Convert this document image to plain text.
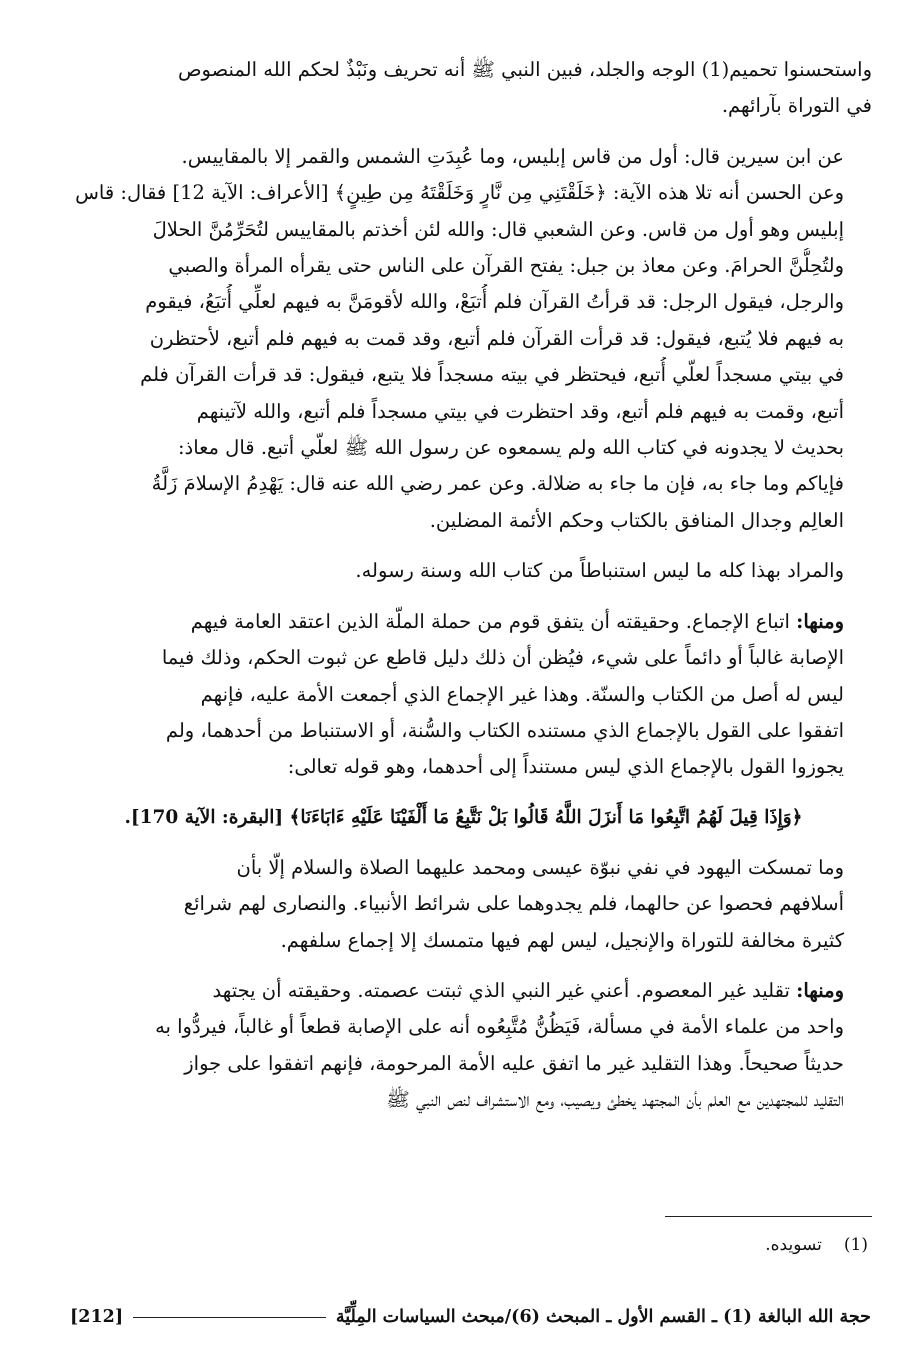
واستحسنوا تحميم(1) الوجه والجلد، فبين النبي ﷺ أنه تحريف ونَبْذٌ لحكم الله المنصوص
في التوراة بآرائهم.

عن ابن سيرين قال: أول من قاس إبليس، وما عُبِدَتِ الشمس والقمر إلا بالمقاييس.
وعن الحسن أنه تلا هذه الآية: ﴿خَلَقْتَنِي مِن نَّارٍ وَخَلَقْتَهُ مِن طِينٍ﴾ [الأعراف: الآية 12] فقال: قاس
إبليس وهو أول من قاس. وعن الشعبي قال: والله لئن أخذتم بالمقاييس لتُحَرِّمُنَّ الحلالَ
ولتُحِلُّنَّ الحرامَ. وعن معاذ بن جبل: يفتح القرآن على الناس حتى يقرأه المرأة والصبي
والرجل، فيقول الرجل: قد قرأتُ القرآن فلم أُتبَعْ، والله لأقومَنَّ به فيهم لعلِّي أُتبَعُ، فيقوم
به فيهم فلا يُتبع، فيقول: قد قرأت القرآن فلم أتبع، وقد قمت به فيهم فلم أتبع، لأحتظرن
في بيتي مسجداً لعلّي أُتبع، فيحتظر في بيته مسجداً فلا يتبع، فيقول: قد قرأت القرآن فلم
أتبع، وقمت به فيهم فلم أتبع، وقد احتظرت في بيتي مسجداً فلم أتبع، والله لآتينهم
بحديث لا يجدونه في كتاب الله ولم يسمعوه عن رسول الله ﷺ لعلّي أتبع. قال معاذ:
فإياكم وما جاء به، فإن ما جاء به ضلالة. وعن عمر رضي الله عنه قال: يَهْدِمُ الإسلامَ زَلَّةُ
العالِم وجدال المنافق بالكتاب وحكم الأئمة المضلين.

والمراد بهذا كله ما ليس استنباطاً من كتاب الله وسنة رسوله.

ومنها: اتباع الإجماع. وحقيقته أن يتفق قوم من حملة الملّة الذين اعتقد العامة فيهم
الإصابة غالباً أو دائماً على شيء، فيُظن أن ذلك دليل قاطع عن ثبوت الحكم، وذلك فيما
ليس له أصل من الكتاب والسنّة. وهذا غير الإجماع الذي أجمعت الأمة عليه، فإنهم
اتفقوا على القول بالإجماع الذي مستنده الكتاب والسُّنة، أو الاستنباط من أحدهما، ولم
يجوزوا القول بالإجماع الذي ليس مستنداً إلى أحدهما، وهو قوله تعالى:

﴿وَإِذَا قِيلَ لَهُمُ اتَّبِعُوا مَا أَنزَلَ اللَّهُ قَالُوا بَلْ نَتَّبِعُ مَا أَلْفَيْنَا عَلَيْهِ ءَابَاءَنَا﴾ [البقرة: الآية 170].

وما تمسكت اليهود في نفي نبوّة عيسى ومحمد عليهما الصلاة والسلام إلّا بأن
أسلافهم فحصوا عن حالهما، فلم يجدوهما على شرائط الأنبياء. والنصارى لهم شرائع
كثيرة مخالفة للتوراة والإنجيل، ليس لهم فيها متمسك إلا إجماع سلفهم.

ومنها: تقليد غير المعصوم. أعني غير النبي الذي ثبتت عصمته. وحقيقته أن يجتهد
واحد من علماء الأمة في مسألة، فَيَظُنُّ مُتَّبِعُوه أنه على الإصابة قطعاً أو غالباً، فيردُّوا به
حديثاً صحيحاً. وهذا التقليد غير ما اتفق عليه الأمة المرحومة، فإنهم اتفقوا على جواز
التقليد للمجتهدين مع العلم بأن المجتهد يخطئ ويصيب، ومع الاستشراف لنص النبي ﷺ

(1)تسويده.
حجة الله البالغة (1) ـ القسم الأول ـ المبحث (6)/مبحث السياسات المِلِّيَّة
[212]
